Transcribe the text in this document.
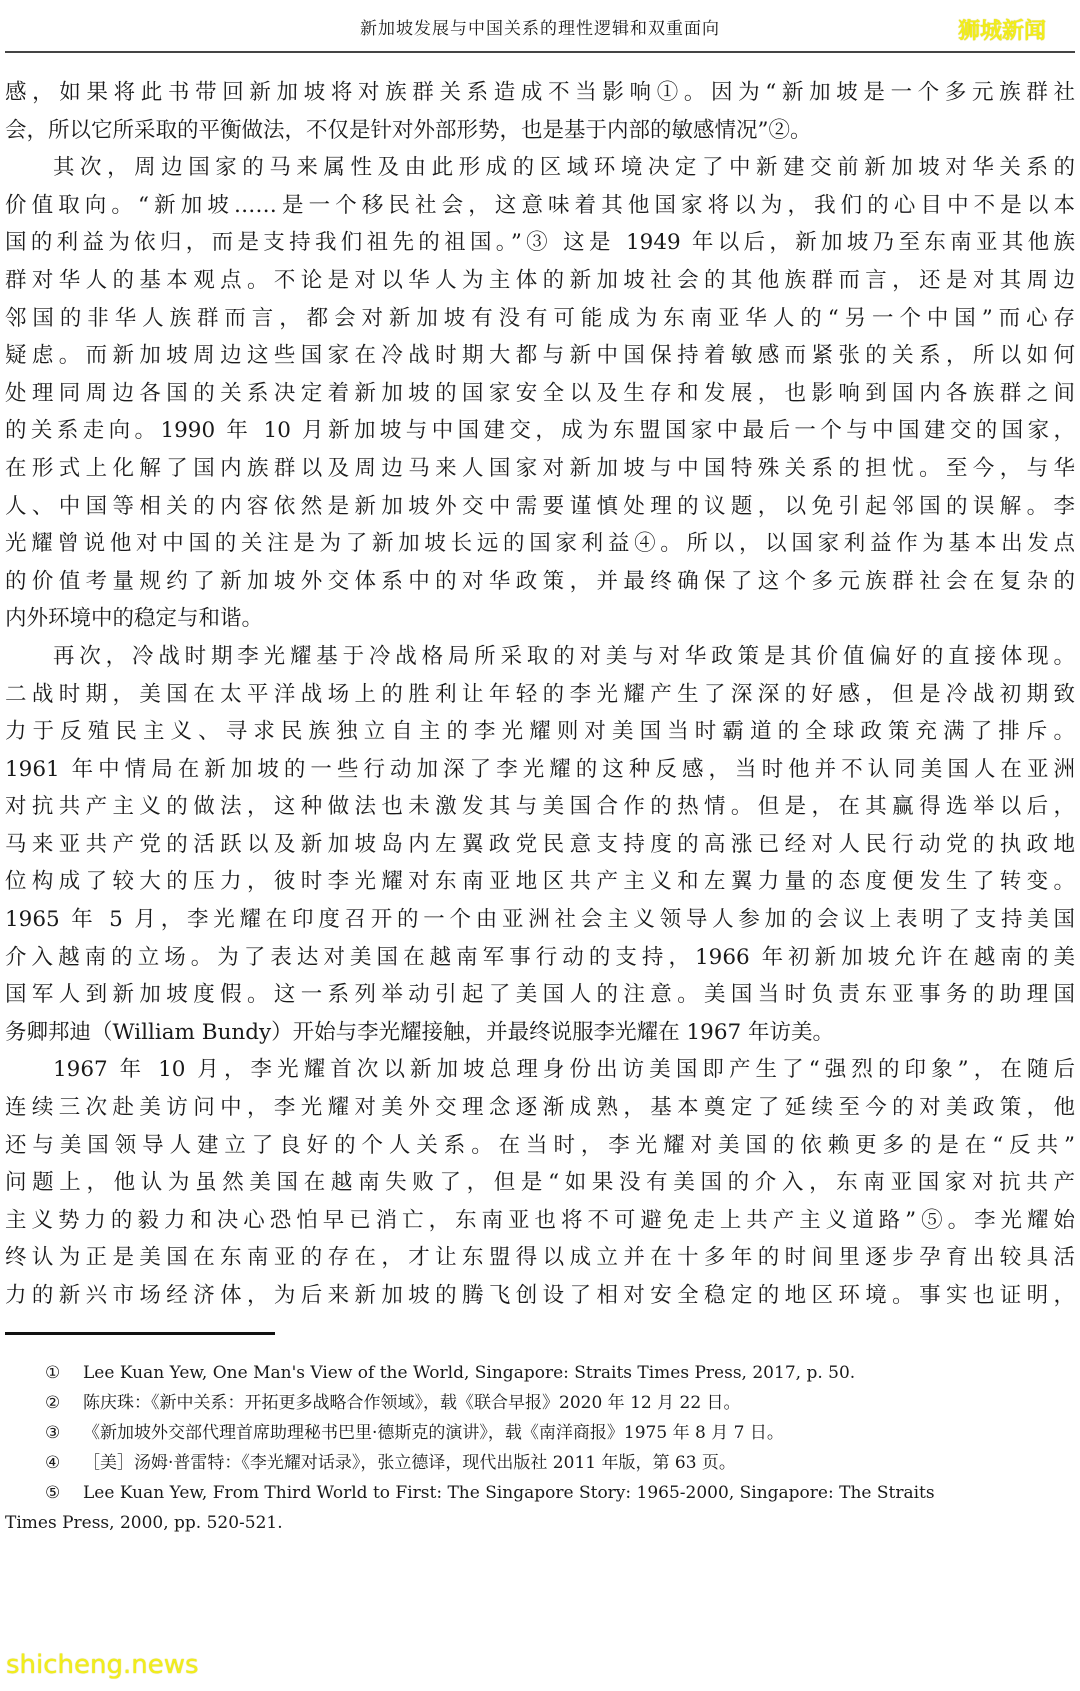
新加坡发展与中国关系的理性逻辑和双重面向	狮城新闻
感，如果将此书带回新加坡将对族群关系造成不当影响①。因为“新加坡是一个多元族群社
会，所以它所采取的平衡做法，不仅是针对外部形势，也是基于内部的敏感情况”②。
其次，周边国家的马来属性及由此形成的区域环境决定了中新建交前新加坡对华关系的
价值取向。“新加坡……是一个移民社会，这意味着其他国家将以为，我们的心目中不是以本
国的利益为依归，而是支持我们祖先的祖国。”③ 这是 1949 年以后，新加坡乃至东南亚其他族
群对华人的基本观点。不论是对以华人为主体的新加坡社会的其他族群而言，还是对其周边
邻国的非华人族群而言，都会对新加坡有没有可能成为东南亚华人的“另一个中国”而心存
疑虑。而新加坡周边这些国家在冷战时期大都与新中国保持着敏感而紧张的关系，所以如何
处理同周边各国的关系决定着新加坡的国家安全以及生存和发展，也影响到国内各族群之间
的关系走向。1990 年 10 月新加坡与中国建交，成为东盟国家中最后一个与中国建交的国家，
在形式上化解了国内族群以及周边马来人国家对新加坡与中国特殊关系的担忧。至今，与华
人、中国等相关的内容依然是新加坡外交中需要谨慎处理的议题，以免引起邻国的误解。李
光耀曾说他对中国的关注是为了新加坡长远的国家利益④。所以，以国家利益作为基本出发点
的价值考量规约了新加坡外交体系中的对华政策，并最终确保了这个多元族群社会在复杂的
内外环境中的稳定与和谐。
再次，冷战时期李光耀基于冷战格局所采取的对美与对华政策是其价值偏好的直接体现。
二战时期，美国在太平洋战场上的胜利让年轻的李光耀产生了深深的好感，但是冷战初期致
力于反殖民主义、寻求民族独立自主的李光耀则对美国当时霸道的全球政策充满了排斥。
1961 年中情局在新加坡的一些行动加深了李光耀的这种反感，当时他并不认同美国人在亚洲
对抗共产主义的做法，这种做法也未激发其与美国合作的热情。但是，在其赢得选举以后，
马来亚共产党的活跃以及新加坡岛内左翼政党民意支持度的高涨已经对人民行动党的执政地
位构成了较大的压力，彼时李光耀对东南亚地区共产主义和左翼力量的态度便发生了转变。
1965 年 5 月，李光耀在印度召开的一个由亚洲社会主义领导人参加的会议上表明了支持美国
介入越南的立场。为了表达对美国在越南军事行动的支持，1966 年初新加坡允许在越南的美
国军人到新加坡度假。这一系列举动引起了美国人的注意。美国当时负责东亚事务的助理国
务卿邦迪（William Bundy）开始与李光耀接触，并最终说服李光耀在 1967 年访美。
1967 年 10 月，李光耀首次以新加坡总理身份出访美国即产生了“强烈的印象”，在随后
连续三次赴美访问中，李光耀对美外交理念逐渐成熟，基本奠定了延续至今的对美政策，他
还与美国领导人建立了良好的个人关系。在当时，李光耀对美国的依赖更多的是在“反共”
问题上，他认为虽然美国在越南失败了，但是“如果没有美国的介入，东南亚国家对抗共产
主义势力的毅力和决心恐怕早已消亡，东南亚也将不可避免走上共产主义道路”⑤。李光耀始
终认为正是美国在东南亚的存在，才让东盟得以成立并在十多年的时间里逐步孕育出较具活
力的新兴市场经济体，为后来新加坡的腾飞创设了相对安全稳定的地区环境。事实也证明，
① Lee Kuan Yew, One Man's View of the World, Singapore: Straits Times Press, 2017, p. 50.
② 陈庆珠：《新中关系：开拓更多战略合作领域》，载《联合早报》2020 年 12 月 22 日。
③ 《新加坡外交部代理首席助理秘书巴里·德斯克的演讲》，载《南洋商报》1975 年 8 月 7 日。
④ ［美］汤姆·普雷特：《李光耀对话录》，张立德译，现代出版社 2011 年版，第 63 页。
⑤ Lee Kuan Yew, From Third World to First: The Singapore Story: 1965-2000, Singapore: The Straits
Times Press, 2000, pp. 520-521.
shicheng.news
